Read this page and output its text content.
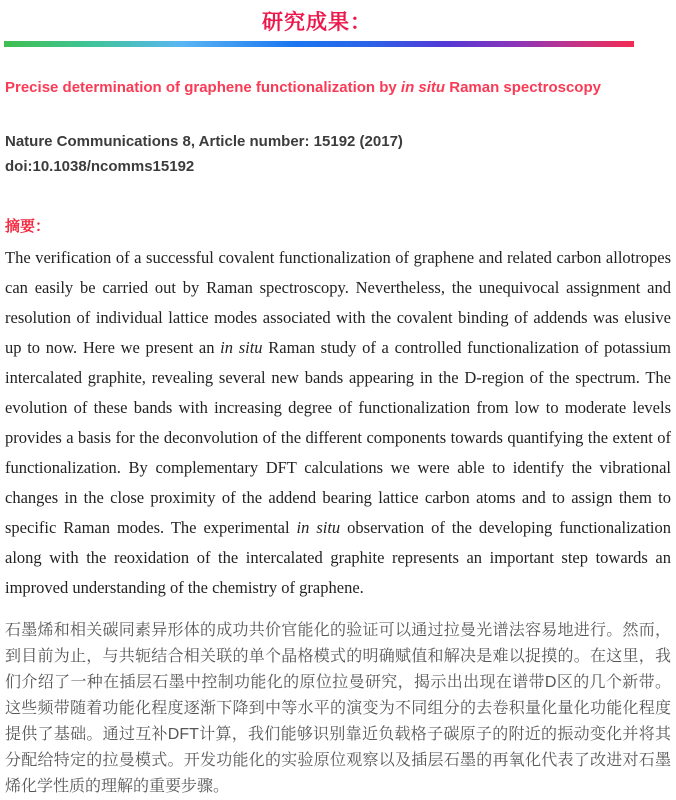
研究成果：
Precise determination of graphene functionalization by in situ Raman spectroscopy
Nature Communications 8, Article number: 15192 (2017)
doi:10.1038/ncomms15192
摘要：

The verification of a successful covalent functionalization of graphene and related carbon allotropes can easily be carried out by Raman spectroscopy. Nevertheless, the unequivocal assignment and resolution of individual lattice modes associated with the covalent binding of addends was elusive up to now. Here we present an in situ Raman study of a controlled functionalization of potassium intercalated graphite, revealing several new bands appearing in the D-region of the spectrum. The evolution of these bands with increasing degree of functionalization from low to moderate levels provides a basis for the deconvolution of the different components towards quantifying the extent of functionalization. By complementary DFT calculations we were able to identify the vibrational changes in the close proximity of the addend bearing lattice carbon atoms and to assign them to specific Raman modes. The experimental in situ observation of the developing functionalization along with the reoxidation of the intercalated graphite represents an important step towards an improved understanding of the chemistry of graphene.

石墨烯和相关碳同素异形体的成功共价官能化的验证可以通过拉曼光谱法容易地进行。然而，到目前为止，与共轭结合相关联的单个晶格模式的明确赋值和解决是难以捉摸的。在这里，我们介绍了一种在插层石墨中控制功能化的原位拉曼研究，揭示出出现在谱带D区的几个新带。这些频带随着功能化程度逐渐下降到中等水平的演变为不同组分的去卷积量化量化功能化程度提供了基础。通过互补DFT计算，我们能够识别靠近负载格子碳原子的附近的振动变化并将其分配给特定的拉曼模式。开发功能化的实验原位观察以及插层石墨的再氧化代表了改进对石墨烯化学性质的理解的重要步骤。
